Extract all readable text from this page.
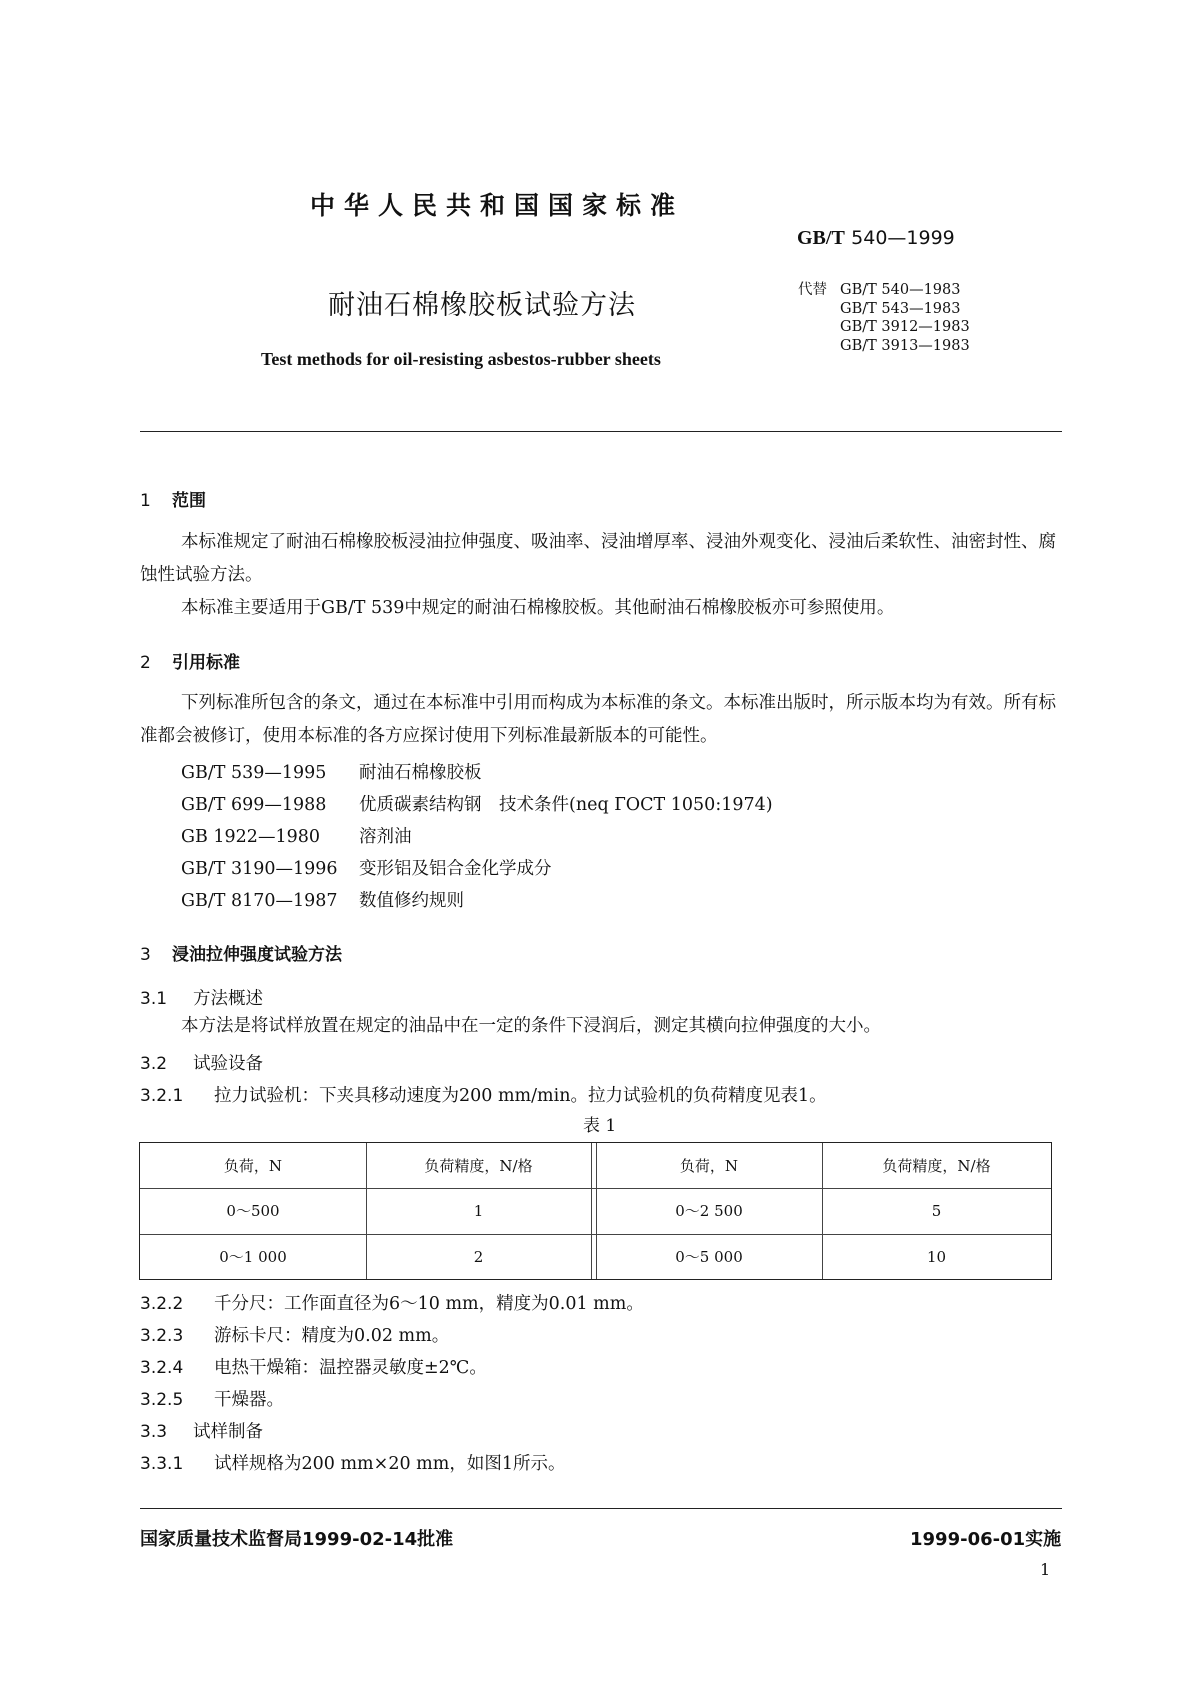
中华人民共和国国家标准
GB/T 540—1999
耐油石棉橡胶板试验方法
Test methods for oil-resisting asbestos-rubber sheets
代替 GB/T 540—1983
GB/T 543—1983
GB/T 3912—1983
GB/T 3913—1983
1 范围
本标准规定了耐油石棉橡胶板浸油拉伸强度、吸油率、浸油增厚率、浸油外观变化、浸油后柔软性、油密封性、腐蚀性试验方法。
本标准主要适用于GB/T 539中规定的耐油石棉橡胶板。其他耐油石棉橡胶板亦可参照使用。
2 引用标准
下列标准所包含的条文，通过在本标准中引用而构成为本标准的条文。本标准出版时，所示版本均为有效。所有标准都会被修订，使用本标准的各方应探讨使用下列标准最新版本的可能性。
GB/T 539—1995 耐油石棉橡胶板
GB/T 699—1988 优质碳素结构钢　技术条件(neq ГОСТ 1050:1974)
GB 1922—1980 溶剂油
GB/T 3190—1996 变形铝及铝合金化学成分
GB/T 8170—1987 数值修约规则
3 浸油拉伸强度试验方法
3.1 方法概述
本方法是将试样放置在规定的油品中在一定的条件下浸润后，测定其横向拉伸强度的大小。
3.2 试验设备
3.2.1 拉力试验机：下夹具移动速度为200 mm/min。拉力试验机的负荷精度见表1。
表 1
负荷，N	负荷精度，N/格	负荷，N	负荷精度，N/格
0～500	1	0～2 500	5
0～1 000	2	0～5 000	10
3.2.2 千分尺：工作面直径为6～10 mm，精度为0.01 mm。
3.2.3 游标卡尺：精度为0.02 mm。
3.2.4 电热干燥箱：温控器灵敏度±2℃。
3.2.5 干燥器。
3.3 试样制备
3.3.1 试样规格为200 mm×20 mm，如图1所示。
国家质量技术监督局1999-02-14批准	1999-06-01实施
1
